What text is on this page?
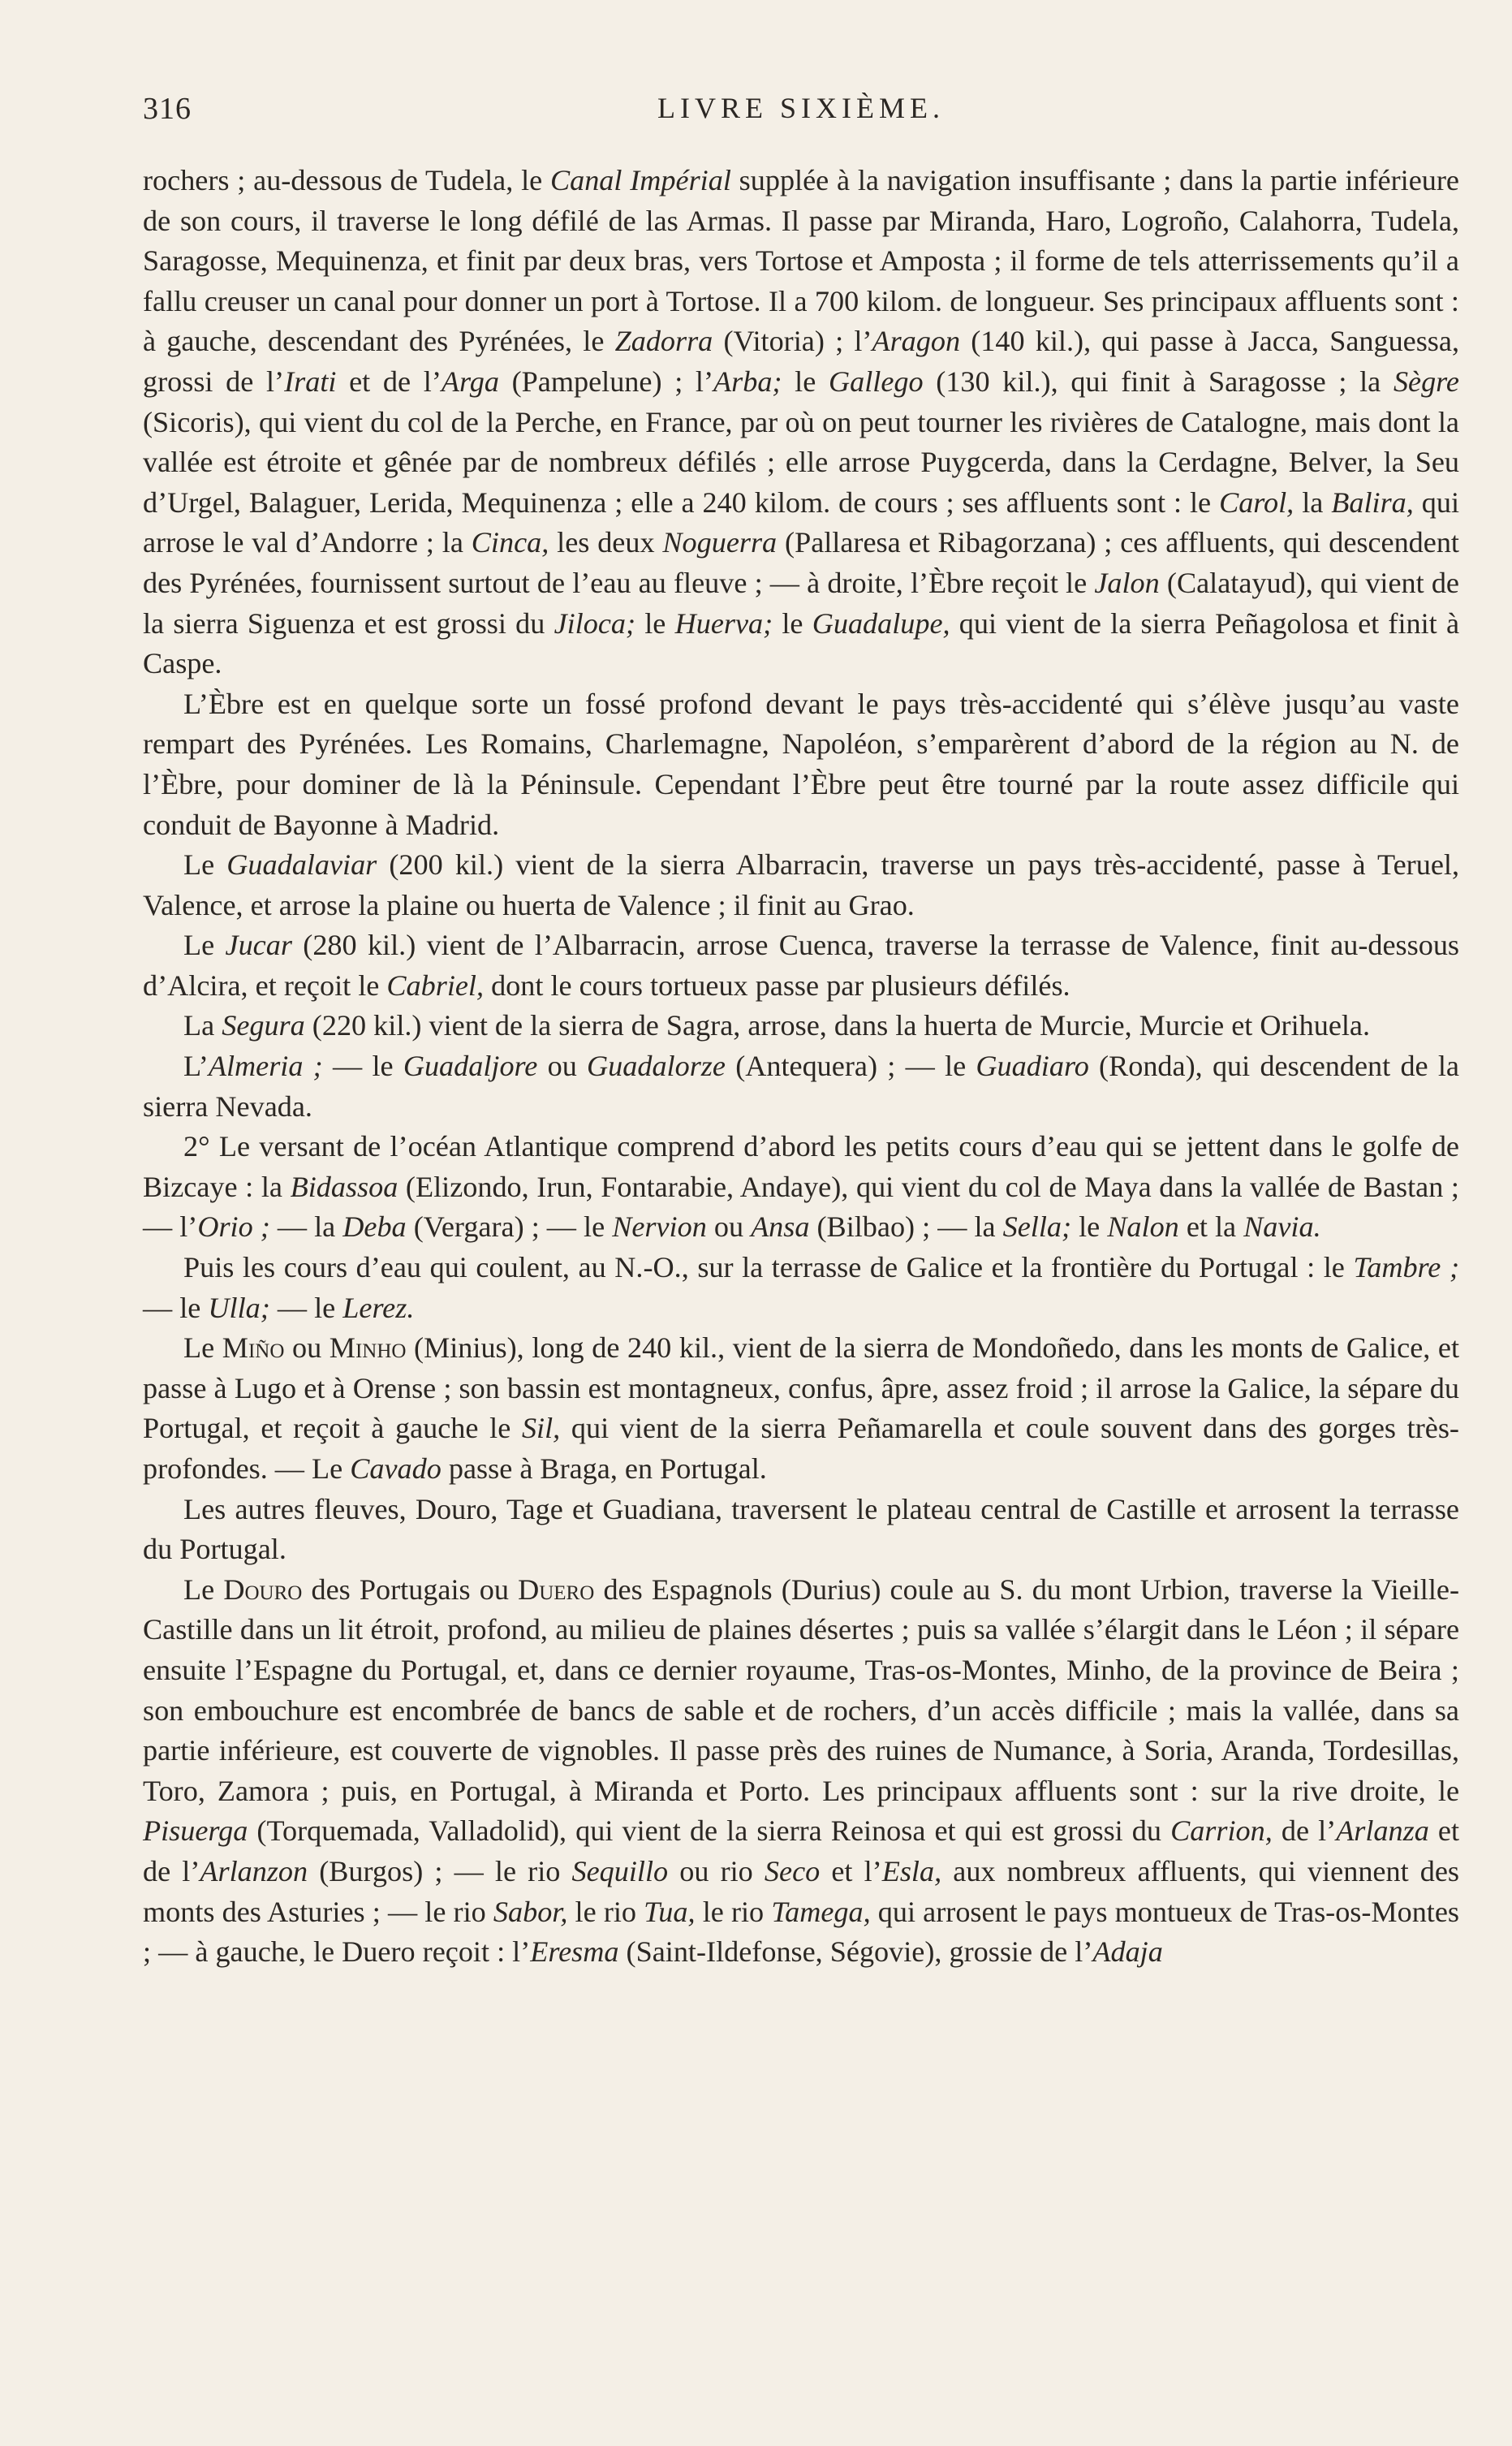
316	LIVRE SIXIÈME.

rochers ; au-dessous de Tudela, le Canal Impérial supplée à la navigation insuffisante ; dans la partie inférieure de son cours, il traverse le long défilé de las Armas. Il passe par Miranda, Haro, Logroño, Calahorra, Tudela, Saragosse, Mequinenza, et finit par deux bras, vers Tortose et Amposta ; il forme de tels atterrissements qu’il a fallu creuser un canal pour donner un port à Tortose. Il a 700 kilom. de longueur. Ses principaux affluents sont : à gauche, descendant des Pyrénées, le Zadorra (Vitoria) ; l’Aragon (140 kil.), qui passe à Jacca, Sanguessa, grossi de l’Irati et de l’Arga (Pampelune) ; l’Arba; le Gallego (130 kil.), qui finit à Saragosse ; la Sègre (Sicoris), qui vient du col de la Perche, en France, par où on peut tourner les rivières de Catalogne, mais dont la vallée est étroite et gênée par de nombreux défilés ; elle arrose Puygcerda, dans la Cerdagne, Belver, la Seu d’Urgel, Balaguer, Lerida, Mequinenza ; elle a 240 kilom. de cours ; ses affluents sont : le Carol, la Balira, qui arrose le val d’Andorre ; la Cinca, les deux Noguerra (Pallaresa et Ribagorzana) ; ces affluents, qui descendent des Pyrénées, fournissent surtout de l’eau au fleuve ; — à droite, l’Èbre reçoit le Jalon (Calatayud), qui vient de la sierra Siguenza et est grossi du Jiloca; le Huerva; le Guadalupe, qui vient de la sierra Peñagolosa et finit à Caspe.

L’Èbre est en quelque sorte un fossé profond devant le pays très-accidenté qui s’élève jusqu’au vaste rempart des Pyrénées. Les Romains, Charlemagne, Napoléon, s’emparèrent d’abord de la région au N. de l’Èbre, pour dominer de là la Péninsule. Cependant l’Èbre peut être tourné par la route assez difficile qui conduit de Bayonne à Madrid.

Le Guadalaviar (200 kil.) vient de la sierra Albarracin, traverse un pays très-accidenté, passe à Teruel, Valence, et arrose la plaine ou huerta de Valence ; il finit au Grao.

Le Jucar (280 kil.) vient de l’Albarracin, arrose Cuenca, traverse la terrasse de Valence, finit au-dessous d’Alcira, et reçoit le Cabriel, dont le cours tortueux passe par plusieurs défilés.

La Segura (220 kil.) vient de la sierra de Sagra, arrose, dans la huerta de Murcie, Murcie et Orihuela.

L’Almeria ; — le Guadaljore ou Guadalorze (Antequera) ; — le Guadiaro (Ronda), qui descendent de la sierra Nevada.

2° Le versant de l’océan Atlantique comprend d’abord les petits cours d’eau qui se jettent dans le golfe de Bizcaye : la Bidassoa (Elizondo, Irun, Fontarabie, Andaye), qui vient du col de Maya dans la vallée de Bastan ; — l’Orio ; — la Deba (Vergara) ; — le Nervion ou Ansa (Bilbao) ; — la Sella; le Nalon et la Navia.

Puis les cours d’eau qui coulent, au N.-O., sur la terrasse de Galice et la frontière du Portugal : le Tambre ; — le Ulla; — le Lerez.

Le Miño ou Minho (Minius), long de 240 kil., vient de la sierra de Mondoñedo, dans les monts de Galice, et passe à Lugo et à Orense ; son bassin est montagneux, confus, âpre, assez froid ; il arrose la Galice, la sépare du Portugal, et reçoit à gauche le Sil, qui vient de la sierra Peñamarella et coule souvent dans des gorges très-profondes. — Le Cavado passe à Braga, en Portugal.

Les autres fleuves, Douro, Tage et Guadiana, traversent le plateau central de Castille et arrosent la terrasse du Portugal.

Le Douro des Portugais ou Duero des Espagnols (Durius) coule au S. du mont Urbion, traverse la Vieille-Castille dans un lit étroit, profond, au milieu de plaines désertes ; puis sa vallée s’élargit dans le Léon ; il sépare ensuite l’Espagne du Portugal, et, dans ce dernier royaume, Tras-os-Montes, Minho, de la province de Beira ; son embouchure est encombrée de bancs de sable et de rochers, d’un accès difficile ; mais la vallée, dans sa partie inférieure, est couverte de vignobles. Il passe près des ruines de Numance, à Soria, Aranda, Tordesillas, Toro, Zamora ; puis, en Portugal, à Miranda et Porto. Les principaux affluents sont : sur la rive droite, le Pisuerga (Torquemada, Valladolid), qui vient de la sierra Reinosa et qui est grossi du Carrion, de l’Arlanza et de l’Arlanzon (Burgos) ; — le rio Sequillo ou rio Seco et l’Esla, aux nombreux affluents, qui viennent des monts des Asturies ; — le rio Sabor, le rio Tua, le rio Tamega, qui arrosent le pays montueux de Tras-os-Montes ; — à gauche, le Duero reçoit : l’Eresma (Saint-Ildefonse, Ségovie), grossie de l’Adaja
